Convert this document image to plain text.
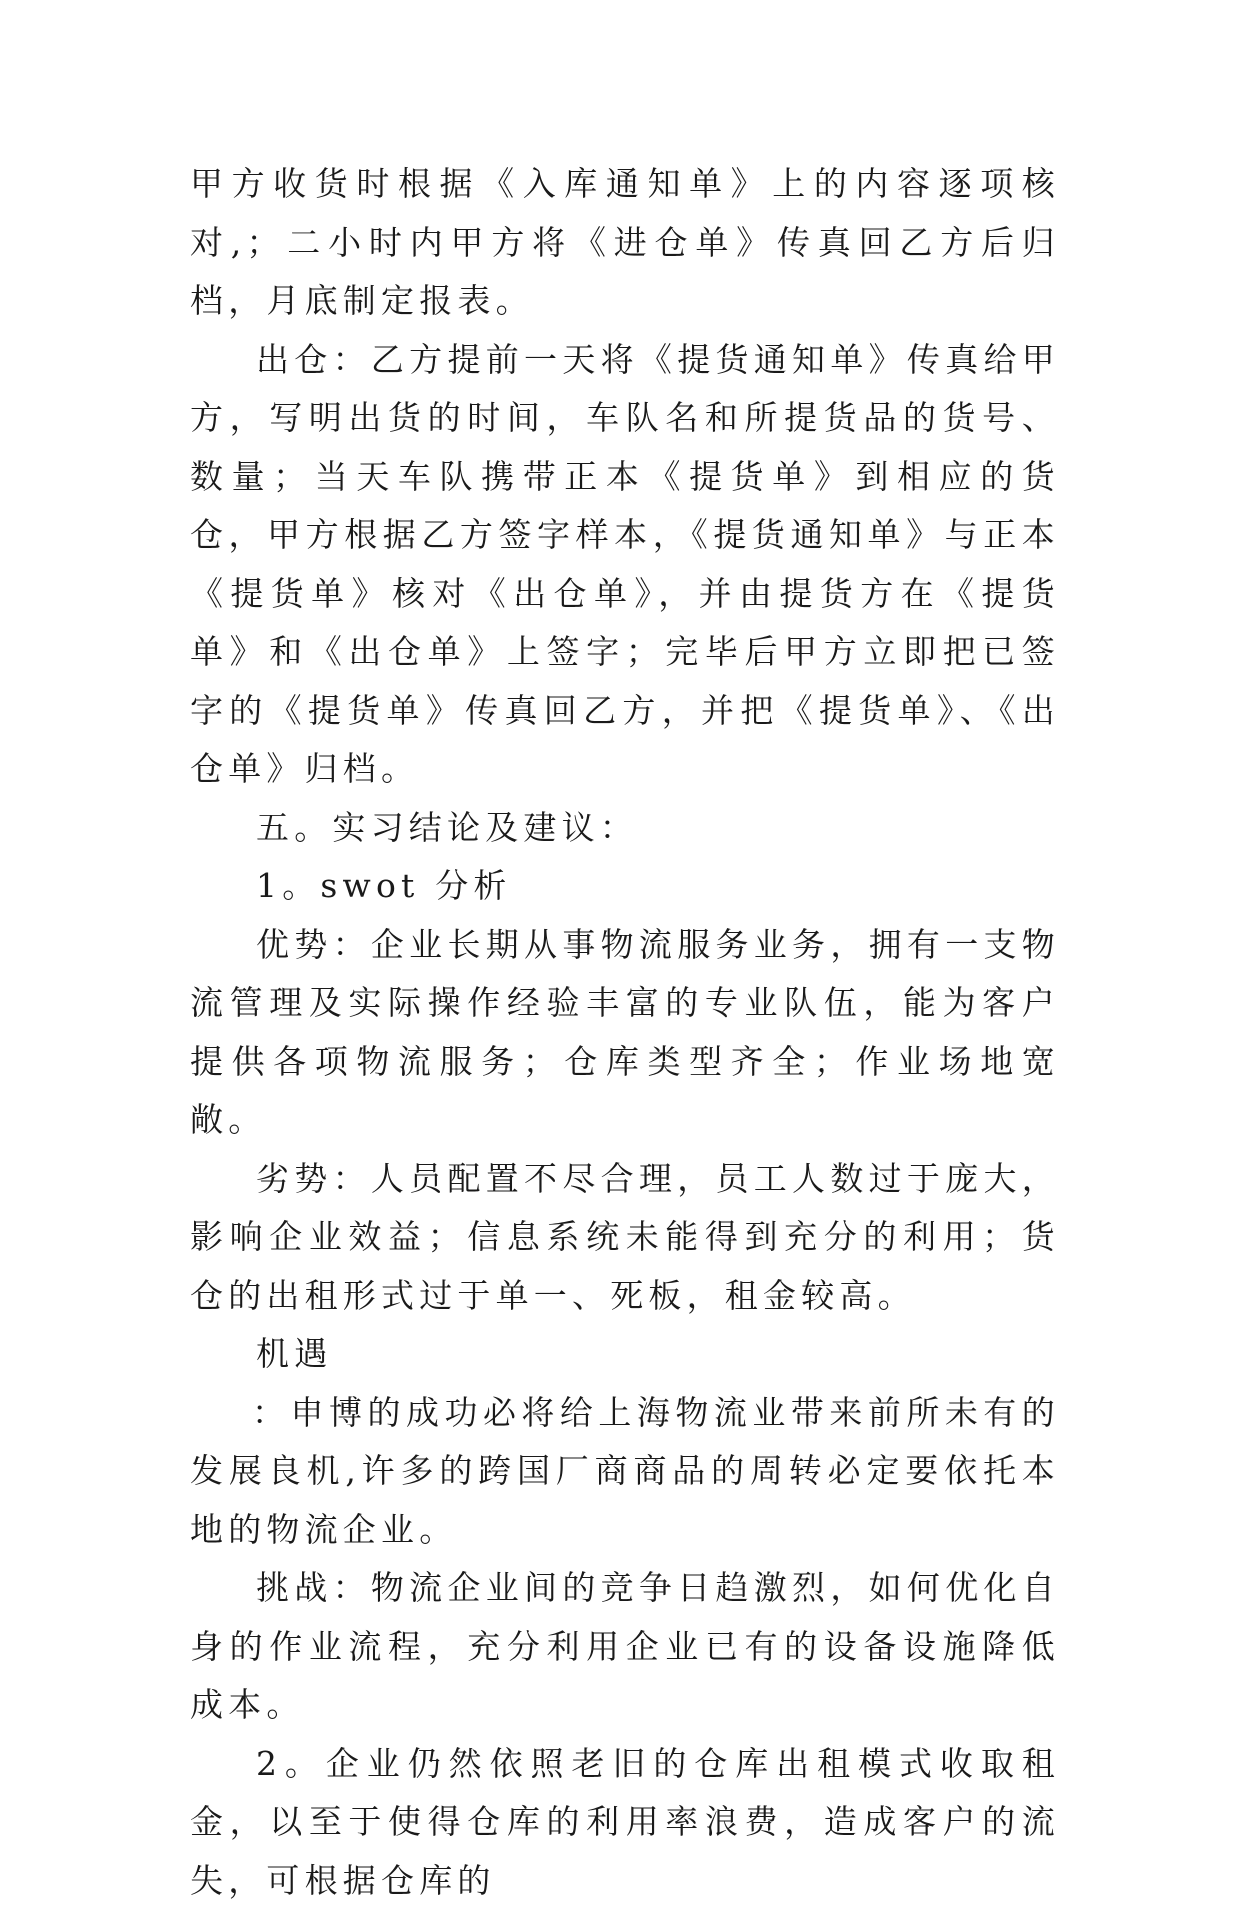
甲方收货时根据《入库通知单》上的内容逐项核对,；二小时内甲方将《进仓单》传真回乙方后归档，月底制定报表。

出仓：乙方提前一天将《提货通知单》传真给甲方，写明出货的时间，车队名和所提货品的货号、数量；当天车队携带正本《提货单》到相应的货仓，甲方根据乙方签字样本，《提货通知单》与正本《提货单》核对《出仓单》，并由提货方在《提货单》和《出仓单》上签字；完毕后甲方立即把已签字的《提货单》传真回乙方，并把《提货单》、《出仓单》归档。

五。实习结论及建议：

1。swot 分析

优势：企业长期从事物流服务业务，拥有一支物流管理及实际操作经验丰富的专业队伍，能为客户提供各项物流服务；仓库类型齐全；作业场地宽敞。

劣势：人员配置不尽合理，员工人数过于庞大，影响企业效益；信息系统未能得到充分的利用；货仓的出租形式过于单一、死板，租金较高。

机遇

：申博的成功必将给上海物流业带来前所未有的发展良机,许多的跨国厂商商品的周转必定要依托本地的物流企业。

挑战：物流企业间的竞争日趋激烈，如何优化自身的作业流程，充分利用企业已有的设备设施降低成本。

2。企业仍然依照老旧的仓库出租模式收取租金，以至于使得仓库的利用率浪费，造成客户的流失，可根据仓库的
